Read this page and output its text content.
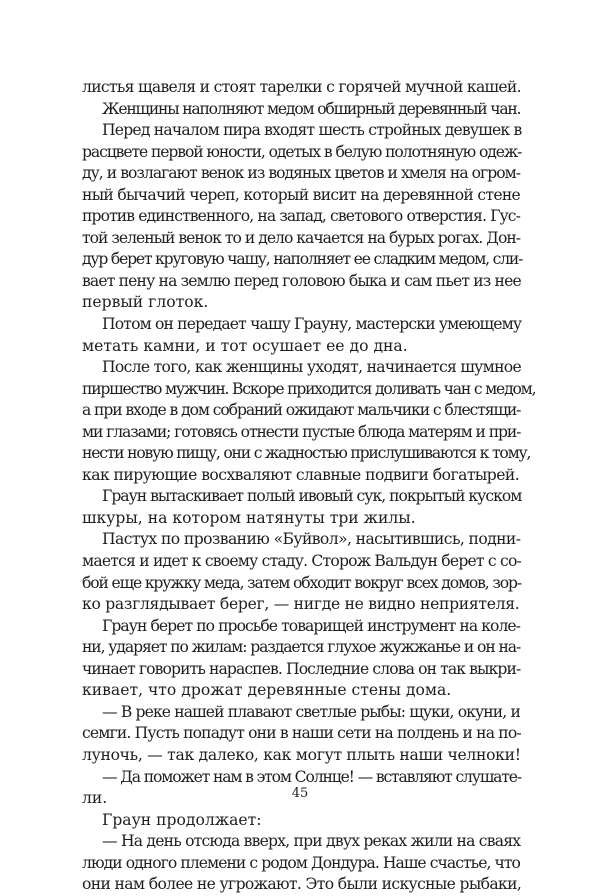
листья щавеля и стоят тарелки с горячей мучной кашей.
Женщины наполняют медом обширный деревянный чан.
Перед началом пира входят шесть стройных девушек в
расцвете первой юности, одетых в белую полотняную одеж-
ду, и возлагают венок из водяных цветов и хмеля на огром-
ный бычачий череп, который висит на деревянной стене
против единственного, на запад, светового отверстия. Гус-
той зеленый венок то и дело качается на бурых рогах. Дон-
дур берет круговую чашу, наполняет ее сладким медом, сли-
вает пену на землю перед головою быка и сам пьет из нее
первый глоток.
Потом он передает чашу Грауну, мастерски умеющему
метать камни, и тот осушает ее до дна.
После того, как женщины уходят, начинается шумное
пиршество мужчин. Вскоре приходится доливать чан с медом,
а при входе в дом собраний ожидают мальчики с блестящи-
ми глазами; готовясь отнести пустые блюда матерям и при-
нести новую пищу, они с жадностью прислушиваются к тому,
как пирующие восхваляют славные подвиги богатырей.
Граун вытаскивает полый ивовый сук, покрытый куском
шкуры, на котором натянуты три жилы.
Пастух по прозванию «Буйвол», насытившись, подни-
мается и идет к своему стаду. Сторож Вальдун берет с со-
бой еще кружку меда, затем обходит вокруг всех домов, зор-
ко разглядывает берег, — нигде не видно неприятеля.
Граун берет по просьбе товарищей инструмент на коле-
ни, ударяет по жилам: раздается глухое жужжанье и он на-
чинает говорить нараспев. Последние слова он так выкри-
кивает, что дрожат деревянные стены дома.
— В реке нашей плавают светлые рыбы: щуки, окуни, и
семги. Пусть попадут они в наши сети на полдень и на по-
луночь, — так далеко, как могут плыть наши челноки!
— Да поможет нам в этом Солнце! — вставляют слушате-
ли.
Граун продолжает:
— На день отсюда вверх, при двух реках жили на сваях
люди одного племени с родом Дондура. Наше счастье, что
они нам более не угрожают. Это были искусные рыбаки,
45
